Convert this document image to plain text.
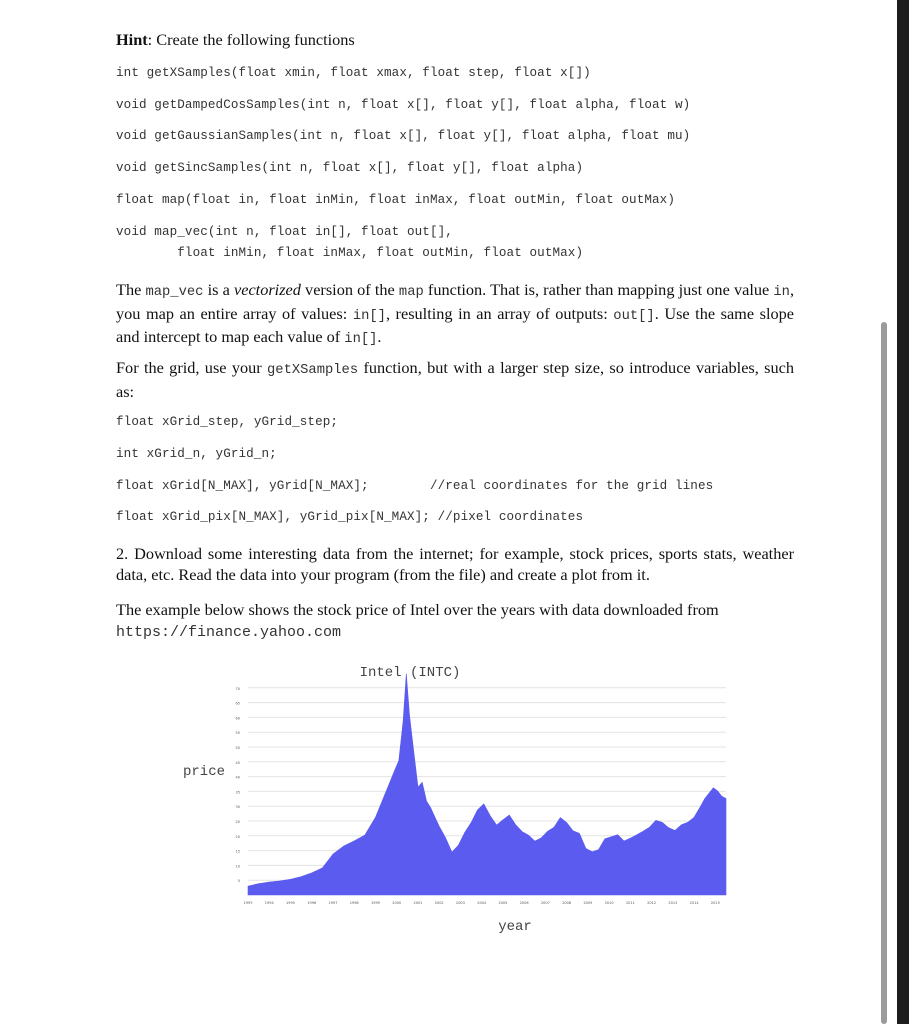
Hint: Create the following functions
int getXSamples(float xmin, float xmax, float step, float x[])
void getDampedCosSamples(int n, float x[], float y[], float alpha, float w)
void getGaussianSamples(int n, float x[], float y[], float alpha, float mu)
void getSincSamples(int n, float x[], float y[], float alpha)
float map(float in, float inMin, float inMax, float outMin, float outMax)
void map_vec(int n, float in[], float out[],
float inMin, float inMax, float outMin, float outMax)
The map_vec is a vectorized version of the map function. That is, rather than mapping just one value in, you map an entire array of values: in[], resulting in an array of outputs: out[]. Use the same slope and intercept to map each value of in[].
For the grid, use your getXSamples function, but with a larger step size, so introduce variables, such as:
float xGrid_step, yGrid_step;
int xGrid_n, yGrid_n;
float xGrid[N_MAX], yGrid[N_MAX];        //real coordinates for the grid lines
float xGrid_pix[N_MAX], yGrid_pix[N_MAX]; //pixel coordinates
2. Download some interesting data from the internet; for example, stock prices, sports stats, weather data, etc. Read the data into your program (from the file) and create a plot from it.
The example below shows the stock price of Intel over the years with data downloaded from
https://finance.yahoo.com
5
10
15
20
25
30
35
40
45
50
55
60
65
70
1993	1994	1995	1996	1997	1998	1999	2000	2001	2002	2003	2004	2005	2006	2007	2008	2009	2010	2011	2012	2013	2014	2015
Intel (INTC)
price
year
